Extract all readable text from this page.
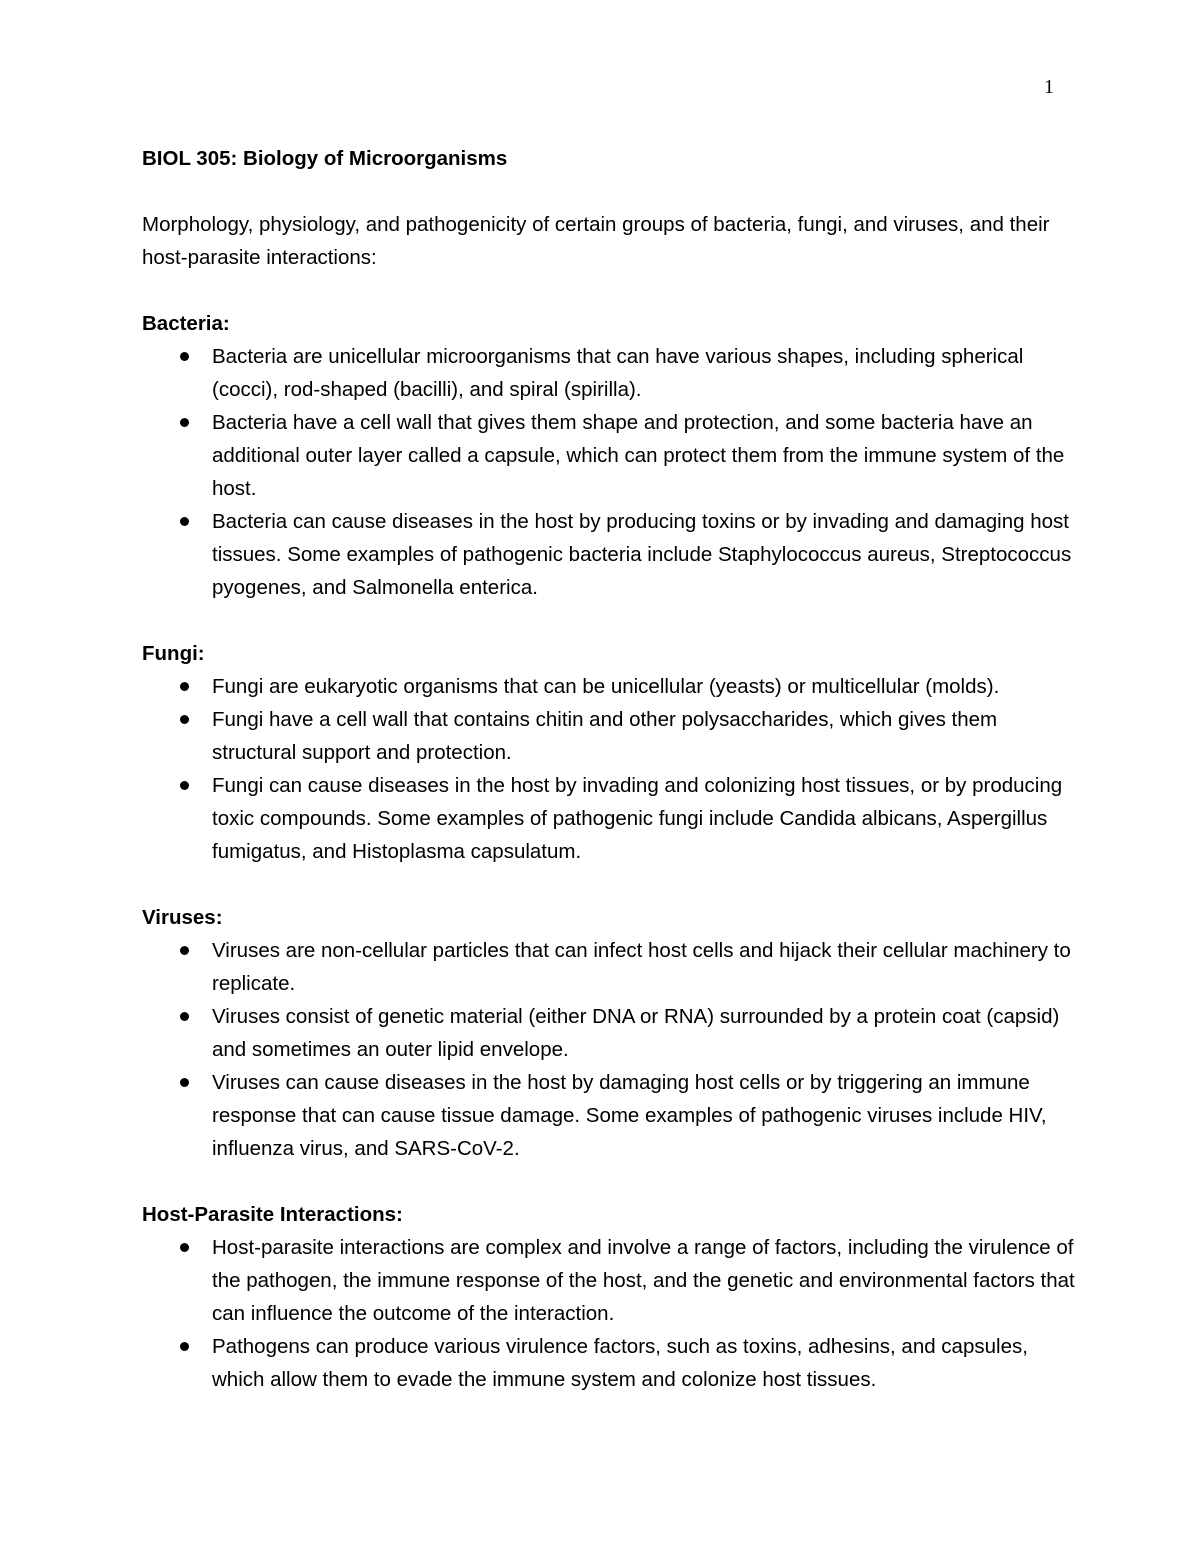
1

BIOL 305: Biology of Microorganisms

Morphology, physiology, and pathogenicity of certain groups of bacteria, fungi, and viruses, and their host-parasite interactions:

Bacteria:

Bacteria are unicellular microorganisms that can have various shapes, including spherical (cocci), rod-shaped (bacilli), and spiral (spirilla).
Bacteria have a cell wall that gives them shape and protection, and some bacteria have an additional outer layer called a capsule, which can protect them from the immune system of the host.
Bacteria can cause diseases in the host by producing toxins or by invading and damaging host tissues. Some examples of pathogenic bacteria include Staphylococcus aureus, Streptococcus pyogenes, and Salmonella enterica.

Fungi:

Fungi are eukaryotic organisms that can be unicellular (yeasts) or multicellular (molds).
Fungi have a cell wall that contains chitin and other polysaccharides, which gives them structural support and protection.
Fungi can cause diseases in the host by invading and colonizing host tissues, or by producing toxic compounds. Some examples of pathogenic fungi include Candida albicans, Aspergillus fumigatus, and Histoplasma capsulatum.

Viruses:

Viruses are non-cellular particles that can infect host cells and hijack their cellular machinery to replicate.
Viruses consist of genetic material (either DNA or RNA) surrounded by a protein coat (capsid) and sometimes an outer lipid envelope.
Viruses can cause diseases in the host by damaging host cells or by triggering an immune response that can cause tissue damage. Some examples of pathogenic viruses include HIV, influenza virus, and SARS-CoV-2.

Host-Parasite Interactions:

Host-parasite interactions are complex and involve a range of factors, including the virulence of the pathogen, the immune response of the host, and the genetic and environmental factors that can influence the outcome of the interaction.
Pathogens can produce various virulence factors, such as toxins, adhesins, and capsules, which allow them to evade the immune system and colonize host tissues.
